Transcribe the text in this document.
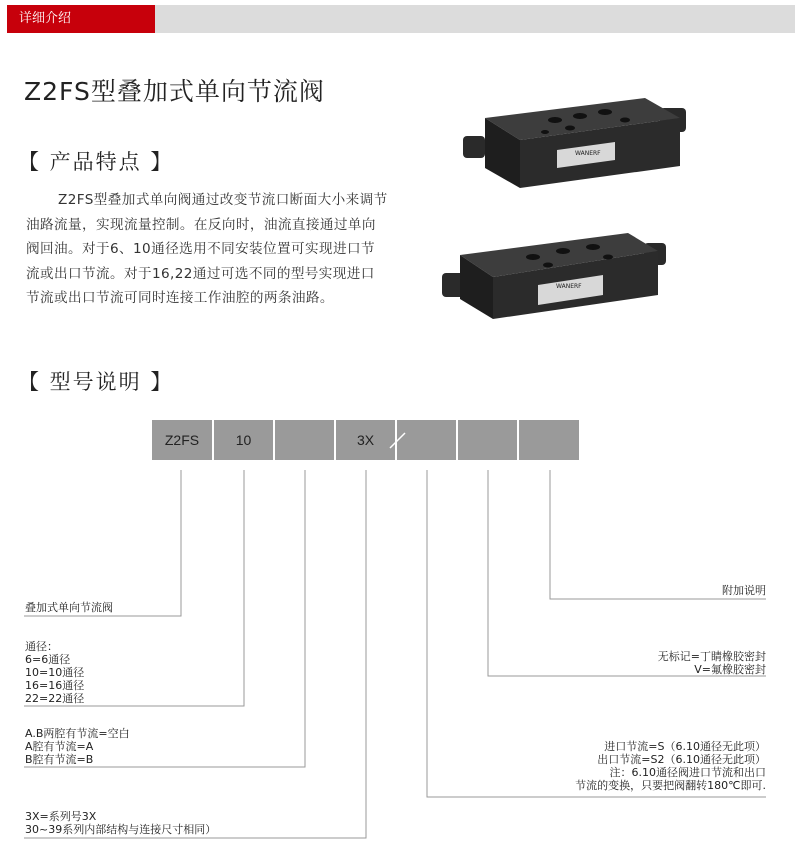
详细介绍
Z2FS型叠加式单向节流阀
【 产品特点 】
Z2FS型叠加式单向阀通过改变节流口断面大小来调节油路流量，实现流量控制。在反向时，油流直接通过单向阀回油。对于6、10通径选用不同安装位置可实现进口节流或出口节流。对于16,22通过可选不同的型号实现进口节流或出口节流可同时连接工作油腔的两条油路。
WANERF
WANERF
【 型号说明 】
Z2FS	10	3X
叠加式单向节流阀
通径：
6=6通径
10=10通径
16=16通径
22=22通径
A.B两腔有节流=空白
A腔有节流=A
B腔有节流=B
3X=系列号3X
30~39系列内部结构与连接尺寸相同）
附加说明
无标记=丁睛橡胶密封
V=氟橡胶密封
进口节流=S（6.10通径无此项）
出口节流=S2（6.10通径无此项）
注：6.10通径阀进口节流和出口
节流的变换，只要把阀翻转180℃即可.
